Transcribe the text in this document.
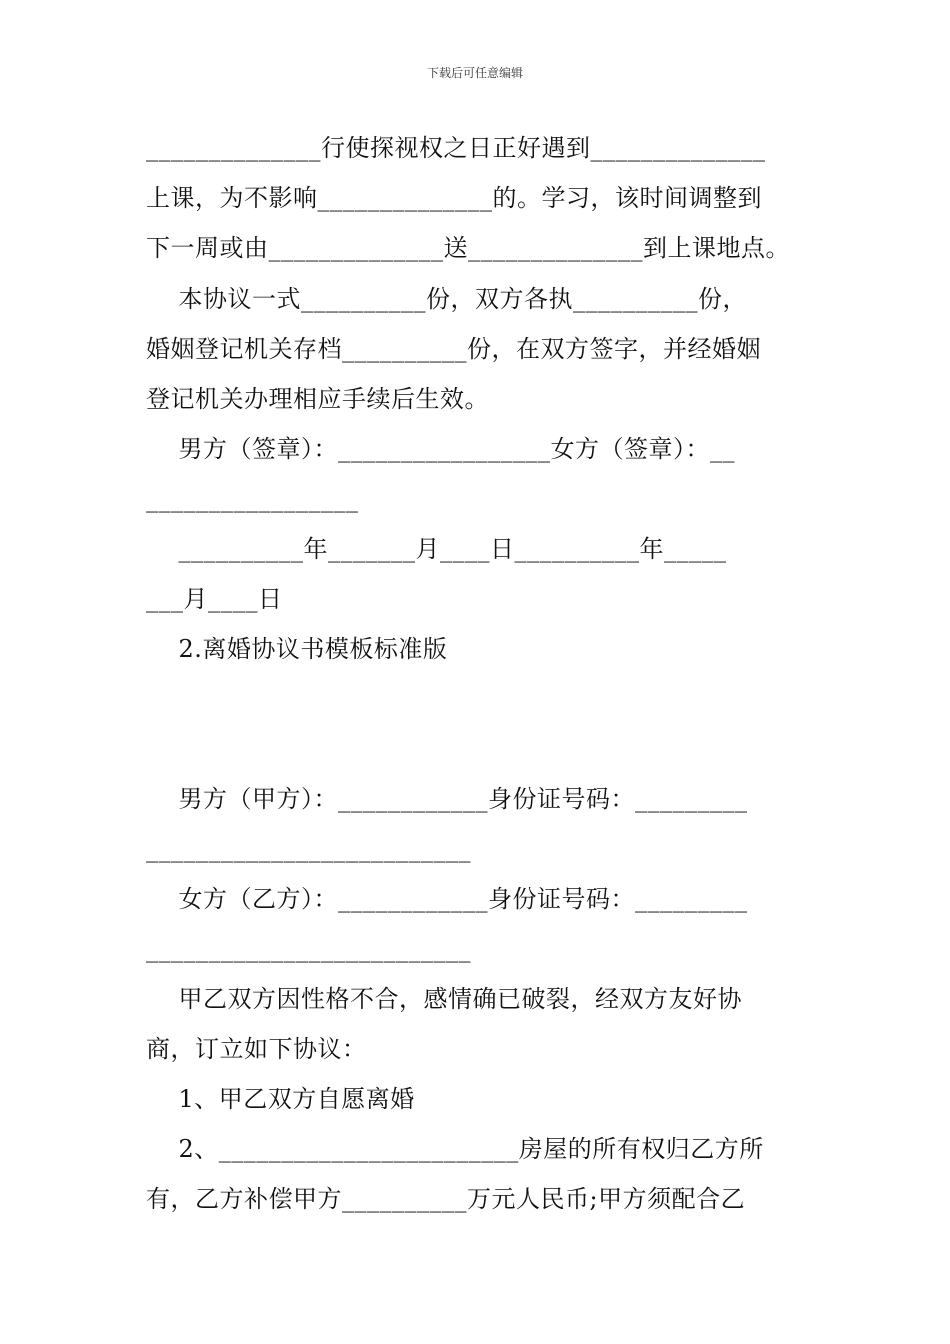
下载后可任意编辑
______________行使探视权之日正好遇到______________
上课，为不影响______________的。学习，该时间调整到
下一周或由______________送______________到上课地点。
本协议一式__________份，双方各执__________份，
婚姻登记机关存档__________份，在双方签字，并经婚姻
登记机关办理相应手续后生效。
男方（签章）：_________________女方（签章）：__
_________________
__________年_______月____日__________年_____
___月____日
2.离婚协议书模板标准版
男方（甲方）：____________身份证号码：_________
__________________________
女方（乙方）：____________身份证号码：_________
__________________________
甲乙双方因性格不合，感情确已破裂，经双方友好协
商，订立如下协议：
1、甲乙双方自愿离婚
2、________________________房屋的所有权归乙方所
有，乙方补偿甲方__________万元人民币;甲方须配合乙
